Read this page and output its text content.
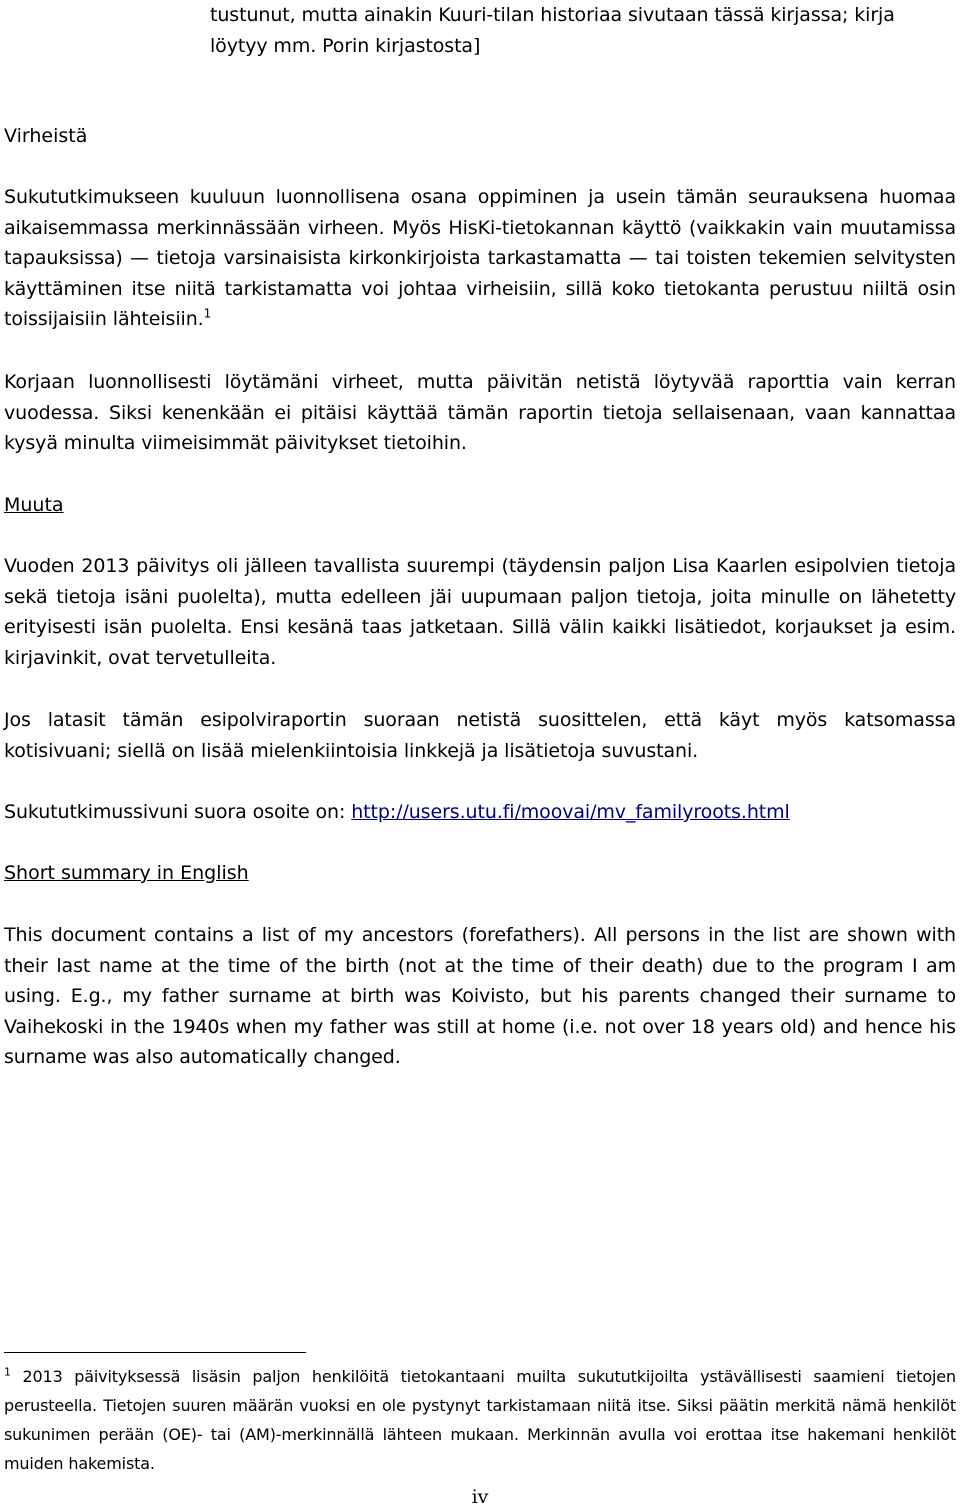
tustunut, mutta ainakin Kuuri-tilan historiaa sivutaan tässä kirjassa; kirja löytyy mm. Porin kirjastosta]

Virheistä

Sukututkimukseen kuuluun luonnollisena osana oppiminen ja usein tämän seurauksena huomaa aikaisemmassa merkinnässään virheen. Myös HisKi-tietokannan käyttö (vaikkakin vain muutamissa tapauksissa) — tietoja varsinaisista kirkonkirjoista tarkastamatta — tai toisten tekemien selvitysten käyttäminen itse niitä tarkistamatta voi johtaa virheisiin, sillä koko tietokanta perustuu niiltä osin toissijaisiin lähteisiin.$^1$

Korjaan luonnollisesti löytämäni virheet, mutta päivitän netistä löytyvää raporttia vain kerran vuodessa. Siksi kenenkään ei pitäisi käyttää tämän raportin tietoja sellaisenaan, vaan kannattaa kysyä minulta viimeisimmät päivitykset tietoihin.

Muuta

Vuoden 2013 päivitys oli jälleen tavallista suurempi (täydensin paljon Lisa Kaarlen esipolvien tietoja sekä tietoja isäni puolelta), mutta edelleen jäi uupumaan paljon tietoja, joita minulle on lähetetty erityisesti isän puolelta. Ensi kesänä taas jatketaan. Sillä välin kaikki lisätiedot, korjaukset ja esim. kirjavinkit, ovat tervetulleita.

Jos latasit tämän esipolviraportin suoraan netistä suosittelen, että käyt myös katsomassa kotisivuani; siellä on lisää mielenkiintoisia linkkejä ja lisätietoja suvustani.

Sukututkimussivuni suora osoite on: http://users.utu.fi/moovai/mv_familyroots.html

Short summary in English

This document contains a list of my ancestors (forefathers). All persons in the list are shown with their last name at the time of the birth (not at the time of their death) due to the program I am using. E.g., my father surname at birth was Koivisto, but his parents changed their surname to Vaihekoski in the 1940s when my father was still at home (i.e. not over 18 years old) and hence his surname was also automatically changed.

$^1$ 2013 päivityksessä lisäsin paljon henkilöitä tietokantaani muilta sukututkijoilta ystävällisesti saamieni tietojen perusteella. Tietojen suuren määrän vuoksi en ole pystynyt tarkistamaan niitä itse. Siksi päätin merkitä nämä henkilöt sukunimen perään (OE)- tai (AM)-merkinnällä lähteen mukaan. Merkinnän avulla voi erottaa itse hakemani henkilöt muiden hakemista.

iv
